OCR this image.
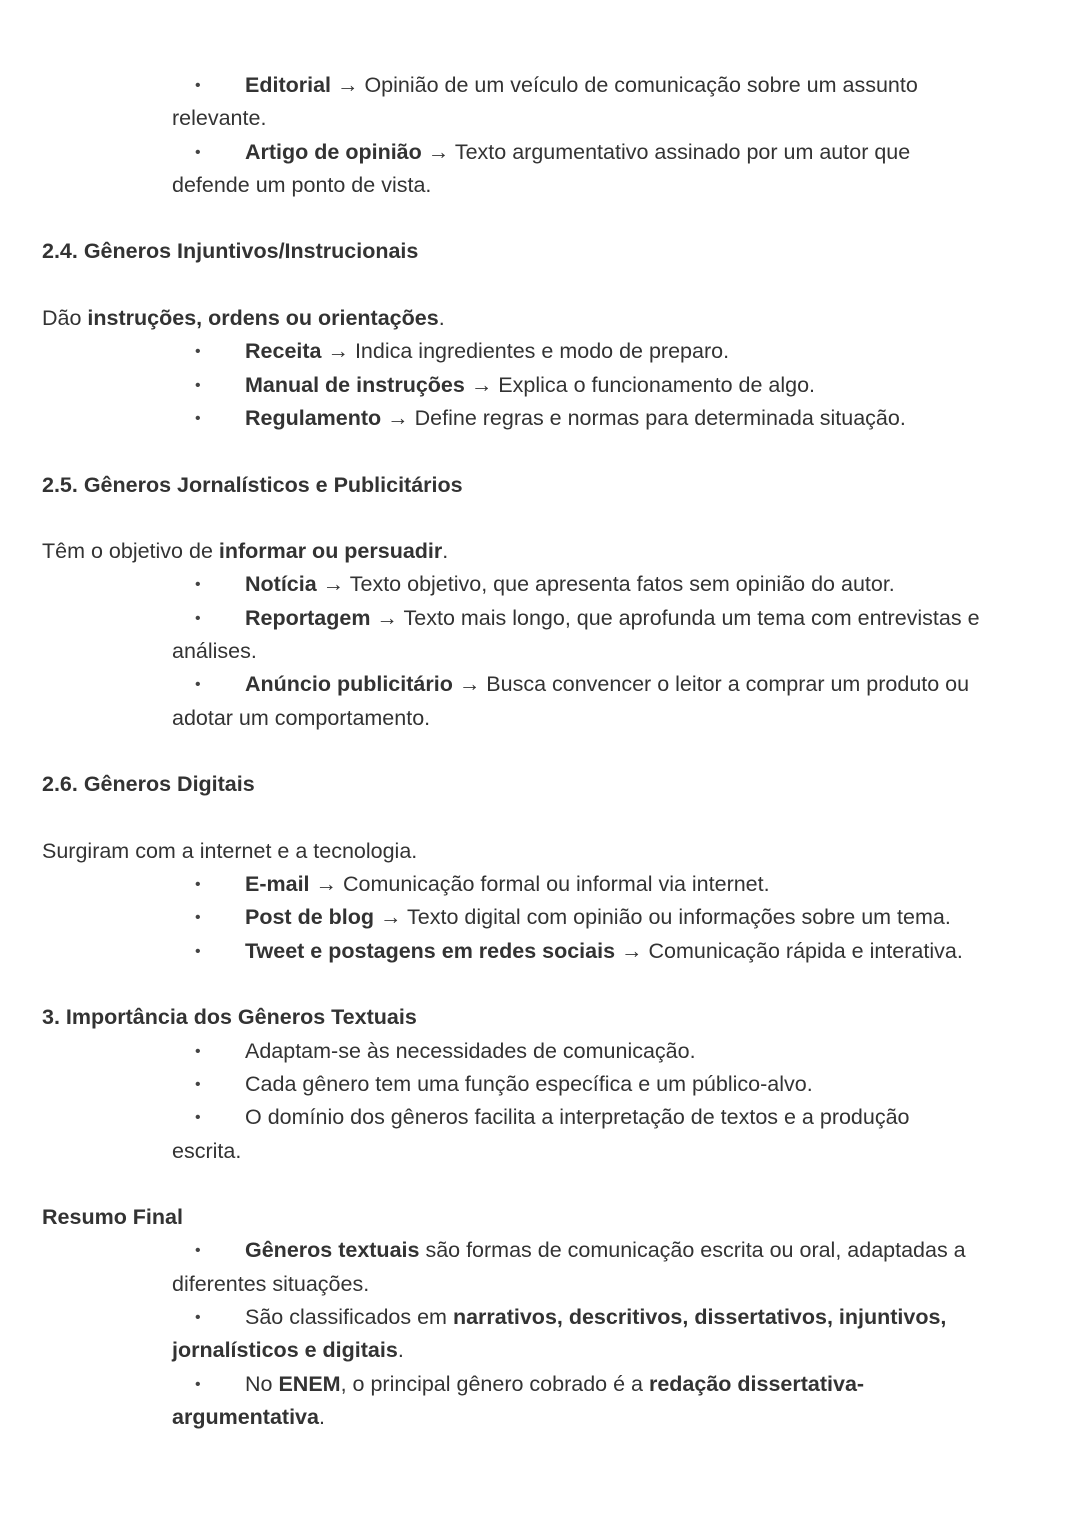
•	Editorial → Opinião de um veículo de comunicação sobre um assunto
relevante.
•	Artigo de opinião → Texto argumentativo assinado por um autor que
defende um ponto de vista.
2.4. Gêneros Injuntivos/Instrucionais
Dão instruções, ordens ou orientações.
•	Receita → Indica ingredientes e modo de preparo.
•	Manual de instruções → Explica o funcionamento de algo.
•	Regulamento → Define regras e normas para determinada situação.
2.5. Gêneros Jornalísticos e Publicitários
Têm o objetivo de informar ou persuadir.
•	Notícia → Texto objetivo, que apresenta fatos sem opinião do autor.
•	Reportagem → Texto mais longo, que aprofunda um tema com entrevistas e
análises.
•	Anúncio publicitário → Busca convencer o leitor a comprar um produto ou
adotar um comportamento.
2.6. Gêneros Digitais
Surgiram com a internet e a tecnologia.
•	E-mail → Comunicação formal ou informal via internet.
•	Post de blog → Texto digital com opinião ou informações sobre um tema.
•	Tweet e postagens em redes sociais → Comunicação rápida e interativa.
3. Importância dos Gêneros Textuais
•	Adaptam-se às necessidades de comunicação.
•	Cada gênero tem uma função específica e um público-alvo.
•	O domínio dos gêneros facilita a interpretação de textos e a produção
escrita.
Resumo Final
•	Gêneros textuais são formas de comunicação escrita ou oral, adaptadas a
diferentes situações.
•	São classificados em narrativos, descritivos, dissertativos, injuntivos,
jornalísticos e digitais.
•	No ENEM, o principal gênero cobrado é a redação dissertativa-
argumentativa.
